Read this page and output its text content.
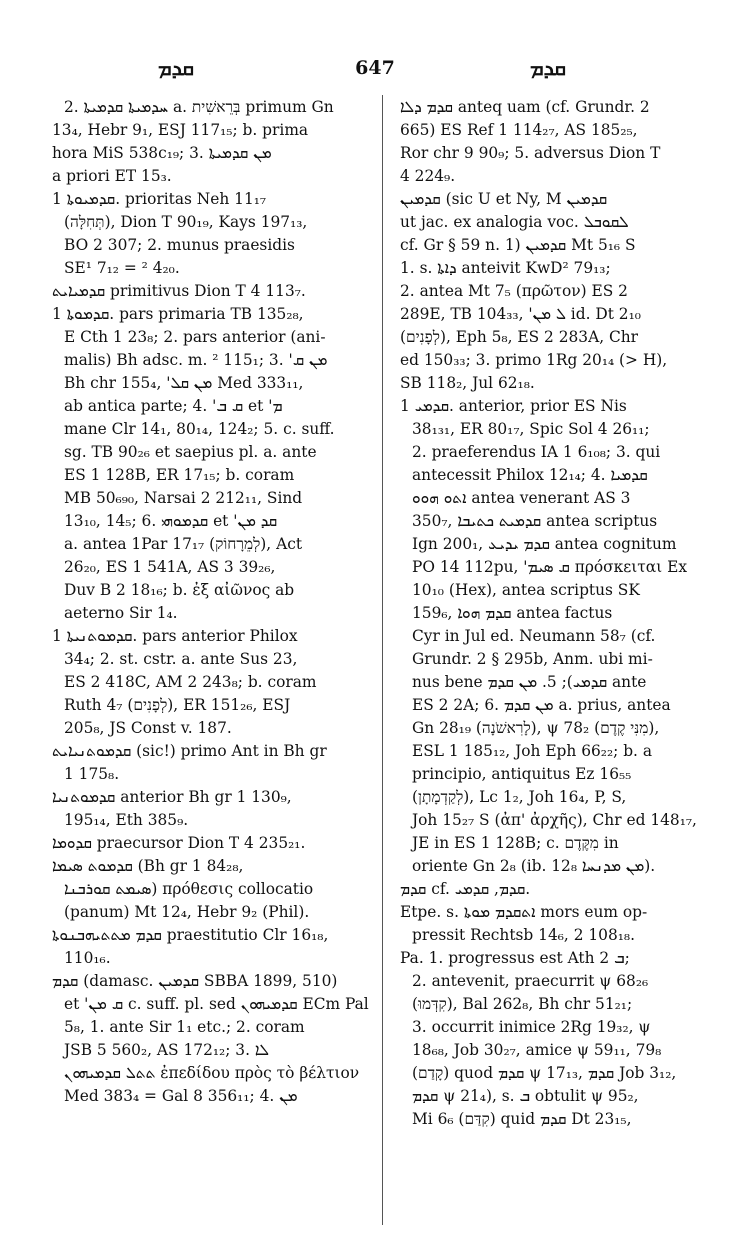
ܩܕܡ	647	ܩܕܡ
2. ܚܕܡܝܬܐ ܩܕܡܝܬܐ a. בְּרֵאשִׁית primum Gn
13₄, Hebr 9₁, ESJ 117₁₅; b. prima
hora MiS 538c₁₉; 3. ܡܢ ܩܕܡܝܬܐ
a priori ET 15₃.
ܩܕܡܝܘܬܐ 1. prioritas Neh 11₁₇
(תְּחִלָּה), Dion T 90₁₉, Kays 197₁₃,
BO 2 307; 2. munus praesidis
SE¹ 7₁₂ = ² 4₂₀.
ܩܕܡܝܐܝܬ primitivus Dion T 4 113₇.
ܩܕܡܘܬܐ 1. pars primaria TB 135₂₈,
E Cth 1 23₈; 2. pars anterior (ani-
malis) Bh adsc. m. ² 115₁; 3. 'ܡܢ ܩ
Bh chr 155₄, 'ܡܢ ܩܠ Med 333₁₁,
ab antica parte; 4. 'ܩ ܒ et 'ܡ
mane Clr 14₁, 80₁₄, 124₂; 5. c. suff.
sg. TB 90₂₆ et saepius pl. a. ante
ES 1 128B, ER 17₁₅; b. coram
MB 50₆₉₀, Narsai 2 212₁₁, Sind
13₁₀, 14₅; 6. ܩܕܡܘܗܝ et 'ܩܕ ܡܢ
a. antea 1Par 17₁₇ (לְמֵרָחוֹק), Act
26₂₀, ES 1 541A, AS 3 39₂₆,
Duv B 2 18₁₆; b. ἐξ αἰῶνος ab
aeterno Sir 1₄.
ܩܕܡܘܬܢܝܬܐ 1. pars anterior Philox
34₄; 2. st. cstr. a. ante Sus 23,
ES 2 418C, AM 2 243₈; b. coram
Ruth 4₇ (לְפָנִים), ER 151₂₆, ESJ
205₈, JS Const v. 187.
ܩܕܡܘܬܢܝܐܝܬ (sic!) primo Ant in Bh gr
1 175₈.
ܩܕܡܘܬܢܝܐ anterior Bh gr 1 130₉,
195₁₄, Eth 385₉.
ܩܕܘܡܐ praecursor Dion T 4 235₂₁.
ܩܕܡܘܬ ܣܝܡܐ (Bh gr 1 84₂₈,
ܣܝܡܬ ܩܘܪܒܢܐ) πρόθεσις collocatio
(panum) Mt 12₄, Hebr 9₂ (Phil).
ܩܕܡ ܡܬܬܝܗܒܢܘܬܐ praestitutio Clr 16₁₈,
110₁₆.
ܩܕܡ (damasc. ܩܕܡܝܢ SBBA 1899, 510)
et 'ܩ ܡܢ c. suff. pl. sed ܩܕܡܝܗܘܢ ECm Pal
5₈, 1. ante Sir 1₁ etc.; 2. coram
JSB 5 560₂, AS 172₁₂; 3. ܠܐ
ܬܬܠ ܩܕܡܝܗܘܢ ἐπεδίδου πρὸς τὸ βέλτιον
Med 383₄ = Gal 8 356₁₁; 4. ܡܢ
ܩܕܡ ܕܠܐ anteq uam (cf. Grundr. 2
665) ES Ref 1 114₂₇, AS 185₂₅,
Ror chr 9 90₉; 5. adversus Dion T
4 224₉.
ܩܕܡܝܢ (sic U et Ny, M ܩܕܡܝܢ
ut jac. ex analogia voc. ܠܩܘܒܠ
cf. Gr § 59 n. 1) ܩܕܡܝܢ Mt 5₁₆ S
1. s. ܕܐܬܐ anteivit KwD² 79₁₃;
2. antea Mt 7₅ (πρῶτον) ES 2
289E, TB 104₃₃, 'ܠ ܡܢ id. Dt 2₁₀
(לְפָנִים), Eph 5₈, ES 2 283A, Chr
ed 150₃₃; 3. primo 1Rg 20₁₄ (> H),
SB 118₂, Jul 62₁₈.
ܩܕܡܝ 1. anterior, prior ES Nis
38₁₃₁, ER 80₁₇, Spic Sol 4 26₁₁;
2. praeferendus IA 1 6₁₀₈; 3. qui
antecessit Philox 12₁₄; 4. ܩܕܡܝܐ
ܐܬܘ ܗܘܘ antea venerant AS 3
350₇, ܩܕܡܝܬ ܟܬܝܒܐ antea scriptus
Ign 200₁, ܩܕܡ ܝܕܝܥ antea cognitum
PO 14 112pu, 'ܩ ܣܝܡ πρόσκειται Ex
10₁₀ (Hex), antea scriptus SK
159₆, ܩܕܡ ܗܘܐ antea factus
Cyr in Jul ed. Neumann 58₇ (cf.
Grundr. 2 § 295b, Anm. ubi mi-
nus bene ܩܕܡܝ); 5. ܡܢ ܩܕܡ ante
ES 2 2A; 6. ܡܢ ܩܕܡ a. prius, antea
Gn 28₁₉ (לָרִאשֹׁנָה), ψ 78₂ (מִנִּי קֶדֶם),
ESL 1 185₁₂, Joh Eph 66₂₂; b. a
principio, antiquitus Ez 16₅₅
(לְקַדְמָתָן), Lc 1₂, Joh 16₄, P, S,
Joh 15₂₇ S (ἀπ' ἀρχῆς), Chr ed 148₁₇,
JE in ES 1 128B; c. מִקֶּדֶם in
oriente Gn 2₈ (ib. 12₈ ܡܢ ܡܕܢܚܐ).
ܩܕܡ cf. ܩܕܡ, ܩܕܡܝ.
Etpe. s. ܐܬܩܕܡ ܡܘܬܐ mors eum op-
pressit Rechtsb 14₆, 2 108₁₈.
Pa. 1. progressus est Ath ܒ 2;
2. antevenit, praecurrit ψ 68₂₆
(קִדְּמוּ), Bal 262₈, Bh chr 51₂₁;
3. occurrit inimice 2Rg 19₃₂, ψ
18₆₈, Job 30₂₇, amice ψ 59₁₁, 79₈
(קָדַם) quod ܩܕܡ ψ 17₁₃, ܩܕܡ Job 3₁₂,
ܩܕܡ ψ 21₄), s. ܒ obtulit ψ 95₂,
Mi 6₆ (קִדַּם) quid ܩܕܡ Dt 23₁₅,
